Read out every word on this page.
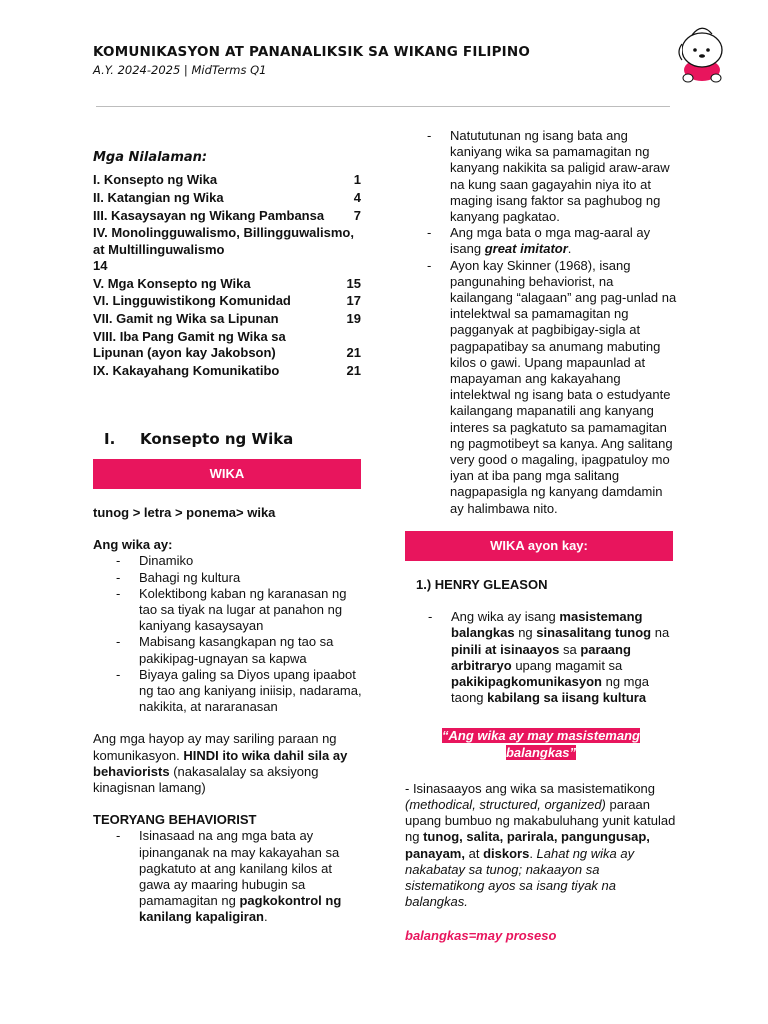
KOMUNIKASYON AT PANANALIKSIK SA WIKANG FILIPINO
A.Y. 2024-2025 | MidTerms Q1
Mga Nilalaman:
I. Konsepto ng Wika	1
II. Katangian ng Wika	4
III. Kasaysayan ng Wikang Pambansa	7
IV. Monolingguwalismo, Billingguwalismo, at Multillinguwalismo
14
V. Mga Konsepto ng Wika	15
VI. Lingguwistikong Komunidad	17
VII. Gamit ng Wika sa Lipunan	19
VIII. Iba Pang Gamit ng Wika sa Lipunan (ayon kay Jakobson)	21
IX. Kakayahang Komunikatibo	21
I. Konsepto ng Wika
WIKA

tunog > letra > ponema> wika

Ang wika ay:

- Dinamiko
- Bahagi ng kultura
- Kolektibong kaban ng karanasan ng tao sa tiyak na lugar at panahon ng kaniyang kasaysayan
- Mabisang kasangkapan ng tao sa pakikipag-ugnayan sa kapwa
- Biyaya galing sa Diyos upang ipaabot ng tao ang kaniyang iniisip, nadarama, nakikita, at nararanasan

Ang mga hayop ay may sariling paraan ng komunikasyon. HINDI ito wika dahil sila ay behaviorists (nakasalalay sa aksiyong kinagisnan lamang)

TEORYANG BEHAVIORIST

- Isinasaad na ang mga bata ay ipinanganak na may kakayahan sa pagkatuto at ang kanilang kilos at gawa ay maaring hubugin sa pamamagitan ng pagkokontrol ng kanilang kapaligiran.
- Natututunan ng isang bata ang kaniyang wika sa pamamagitan ng kanyang nakikita sa paligid araw-araw na kung saan gagayahin niya ito at maging isang faktor sa paghubog ng kanyang pagkatao.
- Ang mga bata o mga mag-aaral ay isang great imitator.
- Ayon kay Skinner (1968), isang pangunahing behaviorist, na kailangang “alagaan” ang pag-unlad na intelektwal sa pamamagitan ng pagganyak at pagbibigay-sigla at pagpapatibay sa anumang mabuting kilos o gawi. Upang mapaunlad at mapayaman ang kakayahang intelektwal ng isang bata o estudyante kailangang mapanatili ang kanyang interes sa pagkatuto sa pamamagitan ng pagmotibeyt sa kanya. Ang salitang very good o magaling, ipagpatuloy mo iyan at iba pang mga salitang nagpapasigla ng kanyang damdamin ay halimbawa nito.
WIKA ayon kay:

1.) HENRY GLEASON

- Ang wika ay isang masistemang balangkas ng sinasalitang tunog na pinili at isinaayos sa paraang arbitraryo upang magamit sa pakikipagkomunikasyon ng mga taong kabilang sa iisang kultura

“Ang wika ay may masistemang balangkas”

- Isinasaayos ang wika sa masistematikong (methodical, structured, organized) paraan upang bumbuo ng makabuluhang yunit katulad ng tunog, salita, parirala, pangungusap, panayam, at diskors. Lahat ng wika ay nakabatay sa tunog; nakaayon sa sistematikong ayos sa isang tiyak na balangkas.

balangkas=may proseso
